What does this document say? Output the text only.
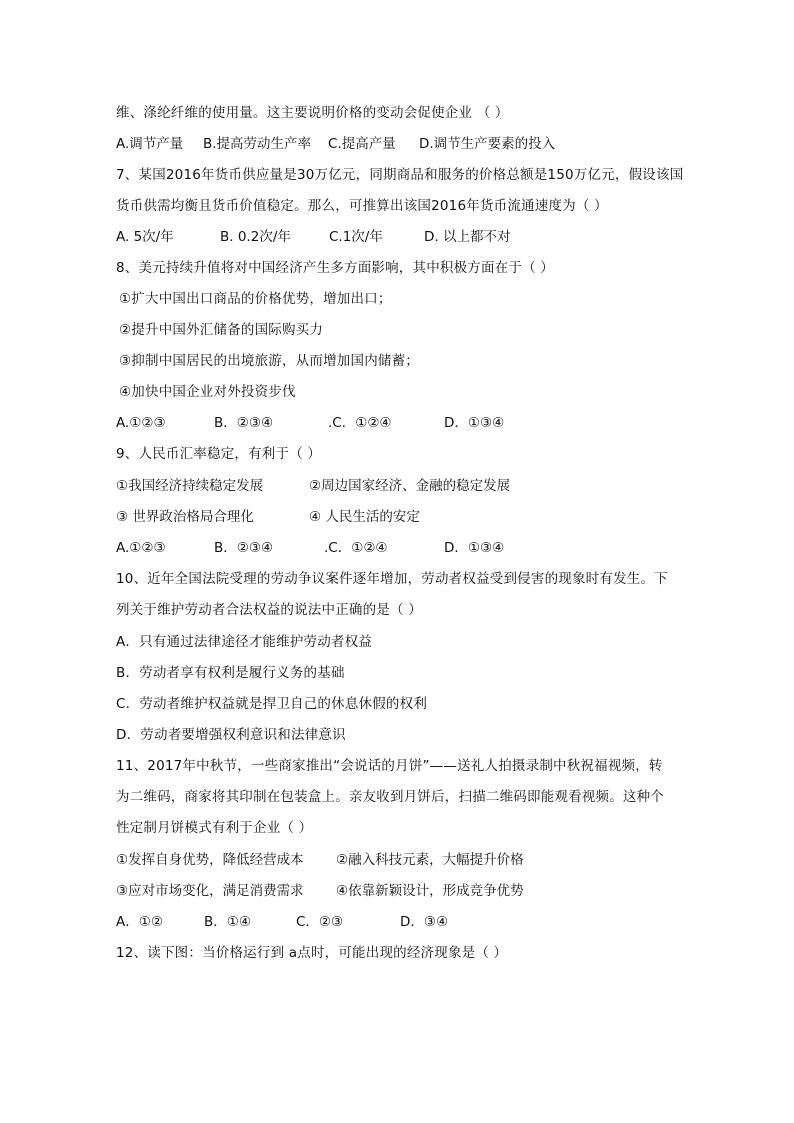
维、涤纶纤维的使用量。这主要说明价格的变动会促使企业 （ ）
A.调节产量 B.提高劳动生产率 C.提高产量 D.调节生产要素的投入
7、某国2016年货币供应量是30万亿元，同期商品和服务的价格总额是150万亿元，假设该国
货币供需均衡且货币价值稳定。那么，可推算出该国2016年货币流通速度为（ ）
A. 5次/年	B. 0.2次/年	C.1次/年	D. 以上都不对
8、美元持续升值将对中国经济产生多方面影响，其中积极方面在于（ ）
①扩大中国出口商品的价格优势，增加出口；
②提升中国外汇储备的国际购买力
③抑制中国居民的出境旅游，从而增加国内储蓄；
④加快中国企业对外投资步伐
A.①②③	B．②③④	.C．①②④	D．①③④
9、人民币汇率稳定，有利于（ ）
①我国经济持续稳定发展	②周边国家经济、金融的稳定发展
③ 世界政治格局合理化	④ 人民生活的安定
A.①②③	B．②③④	.C．①②④	D．①③④
10、近年全国法院受理的劳动争议案件逐年增加，劳动者权益受到侵害的现象时有发生。下
列关于维护劳动者合法权益的说法中正确的是（ ）
A．只有通过法律途径才能维护劳动者权益
B．劳动者享有权利是履行义务的基础
C．劳动者维护权益就是捍卫自己的休息休假的权利
D．劳动者要增强权利意识和法律意识
11、2017年中秋节，一些商家推出“会说话的月饼”——送礼人拍摄录制中秋祝福视频，转
为二维码，商家将其印制在包装盒上。亲友收到月饼后，扫描二维码即能观看视频。这种个
性定制月饼模式有利于企业（ ）
①发挥自身优势，降低经营成本 ②融入科技元素，大幅提升价格
③应对市场变化，满足消费需求 ④依靠新颖设计，形成竞争优势
A．①②	B．①④	C．②③	D．③④
12、读下图：当价格运行到 a点时，可能出现的经济现象是（ ）
